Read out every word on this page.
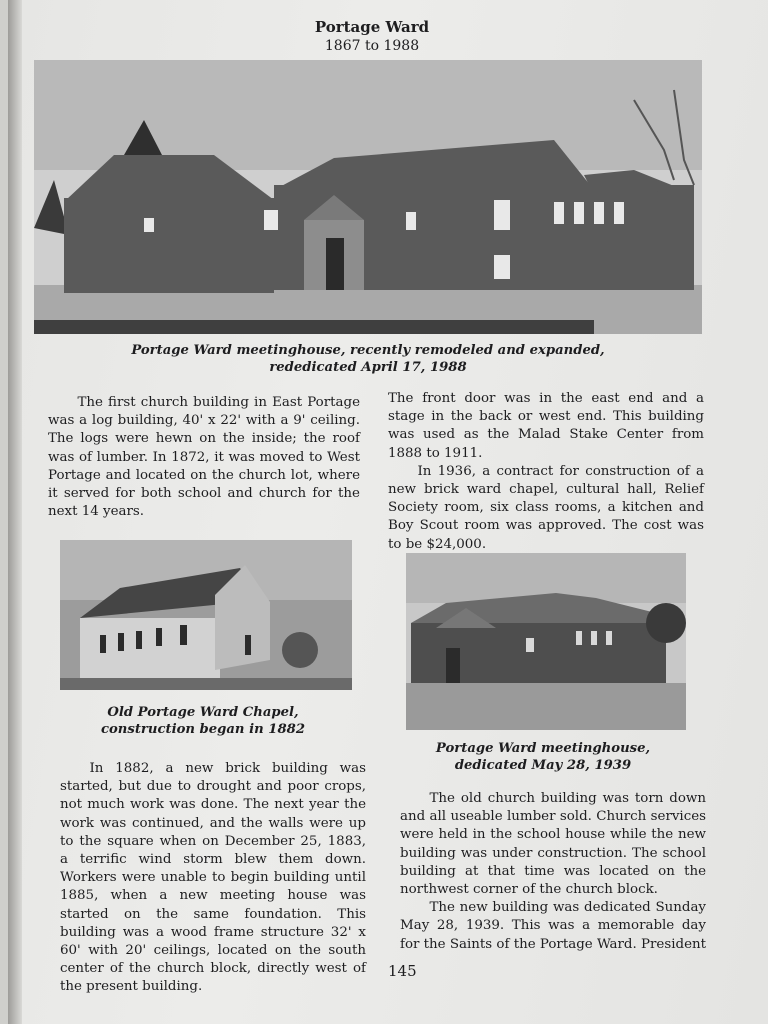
Portage Ward
1867 to 1988
Portage Ward meetinghouse, recently remodeled and expanded,
rededicated April 17, 1988

The first church building in East Portage was a log building, 40' x 22' with a 9' ceiling. The logs were hewn on the inside; the roof was of lumber. In 1872, it was moved to West Portage and located on the church lot, where it served for both school and church for the next 14 years.

The front door was in the east end and a stage in the back or west end. This building was used as the Malad Stake Center from 1888 to 1911.

In 1936, a contract for construction of a new brick ward chapel, cultural hall, Relief Society room, six class rooms, a kitchen and Boy Scout room was approved. The cost was to be $24,000.

Old Portage Ward Chapel,
construction began in 1882
Portage Ward meetinghouse,
dedicated May 28, 1939

In 1882, a new brick building was started, but due to drought and poor crops, not much work was done. The next year the work was continued, and the walls were up to the square when on December 25, 1883, a terrific wind storm blew them down. Workers were unable to begin building until 1885, when a new meeting house was started on the same foundation. This building was a wood frame structure 32' x 60' with 20' ceilings, located on the south center of the church block, directly west of the present building.

The old church building was torn down and all useable lumber sold. Church services were held in the school house while the new building was under construction. The school building at that time was located on the northwest corner of the church block.

The new building was dedicated Sunday May 28, 1939. This was a memorable day for the Saints of the Portage Ward. President

145
